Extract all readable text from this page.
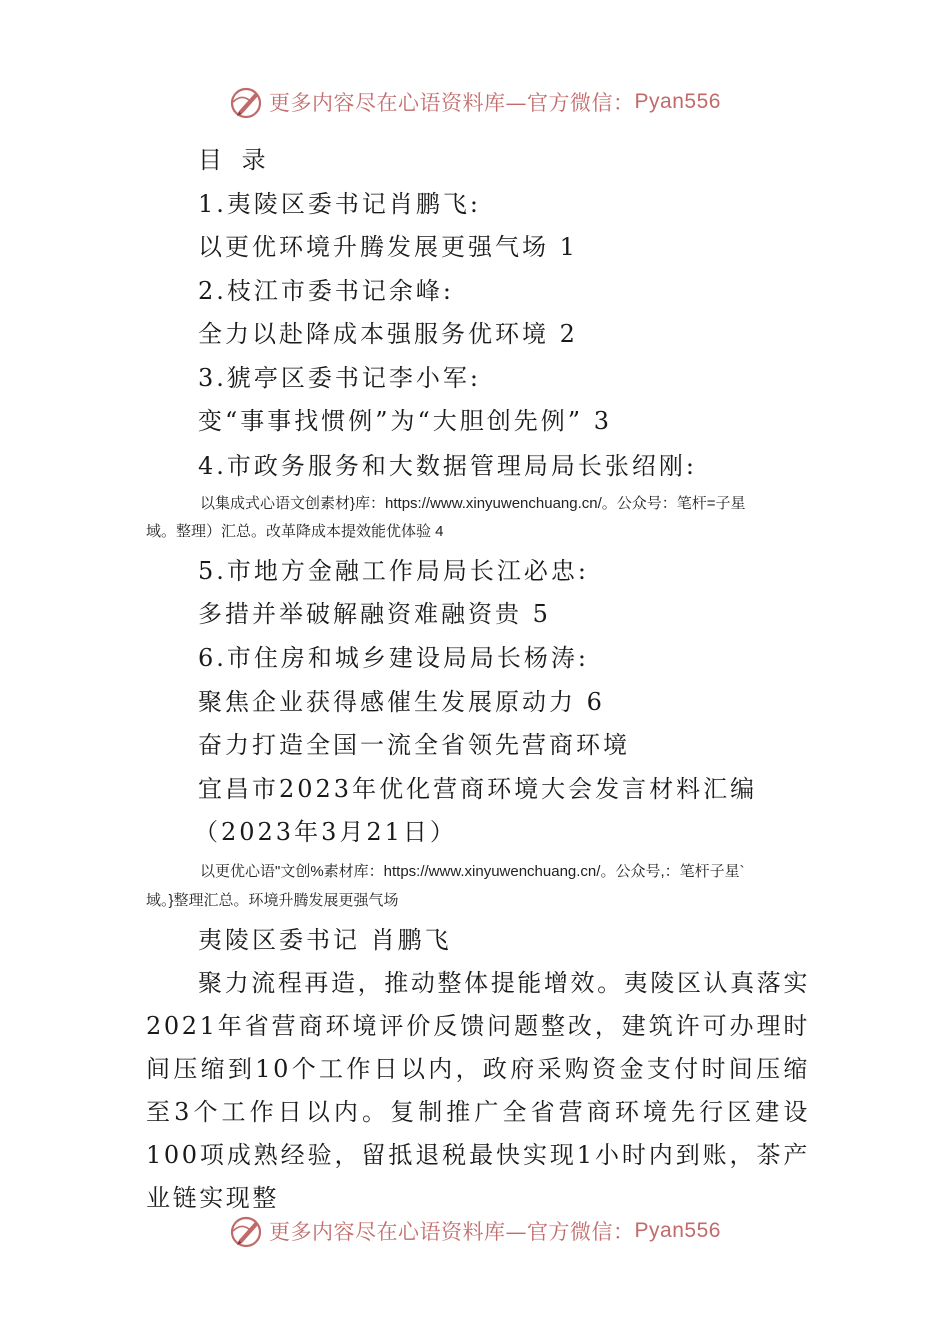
更多内容尽在心语资料库—官方微信： Pyan556
目 录
1.夷陵区委书记肖鹏飞:
以更优环境升腾发展更强气场 1
2.枝江市委书记余峰:
全力以赴降成本强服务优环境 2
3.猇亭区委书记李小军:
变“事事找惯例”为“大胆创先例” 3
4.市政务服务和大数据管理局局长张绍刚:
以集成式心语文创素材}库：https://www.xinyuwenchuang.cn/。公众号：笔杆=子星
域。整理）汇总。改革降成本提效能优体验 4
5.市地方金融工作局局长江必忠:
多措并举破解融资难融资贵 5
6.市住房和城乡建设局局长杨涛:
聚焦企业获得感催生发展原动力 6
奋力打造全国一流全省领先营商环境
宜昌市2023年优化营商环境大会发言材料汇编
（2023年3月21日）
以更优心语"文创%素材库：https://www.xinyuwenchuang.cn/。公众号,：笔杆子星`
域。}整理汇总。环境升腾发展更强气场
夷陵区委书记 肖鹏飞
聚力流程再造，推动整体提能增效。夷陵区认真落实2021年省营商环境评价反馈问题整改，建筑许可办理时间压缩到10个工作日以内，政府采购资金支付时间压缩至3个工作日以内。复制推广全省营商环境先行区建设100项成熟经验，留抵退税最快实现1小时内到账，茶产业链实现整
更多内容尽在心语资料库—官方微信： Pyan556
